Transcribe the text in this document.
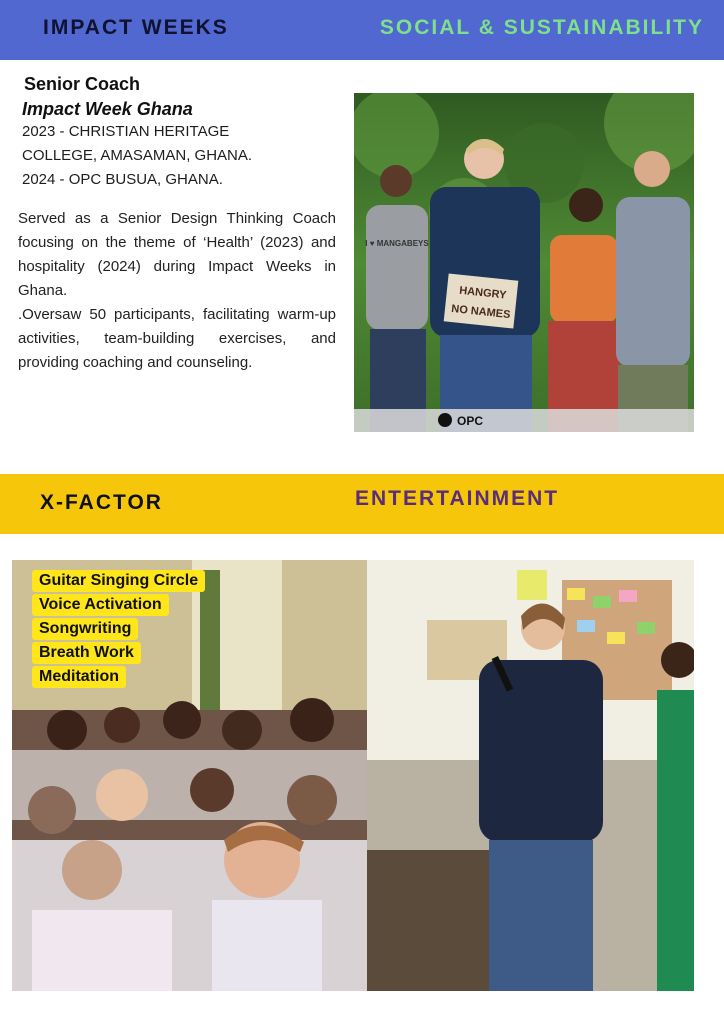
IMPACT WEEKS	SOCIAL & SUSTAINABILITY
Senior Coach
Impact Week Ghana
2023 - CHRISTIAN HERITAGE
COLLEGE, AMASAMAN, GHANA.
2024 - OPC BUSUA, GHANA.

Served as a Senior Design Thinking Coach focusing on the theme of ‘Health’ (2023) and hospitality (2024) during Impact Weeks in Ghana.

.Oversaw 50 participants, facilitating warm-up activities, team-building exercises, and providing coaching and counseling.

I ♥ MANGABEYS
HANGRY
NO NAMES
OPC
X-FACTOR	ENTERTAINMENT
Guitar Singing Circle
Voice Activation
Songwriting
Breath Work
Meditation
